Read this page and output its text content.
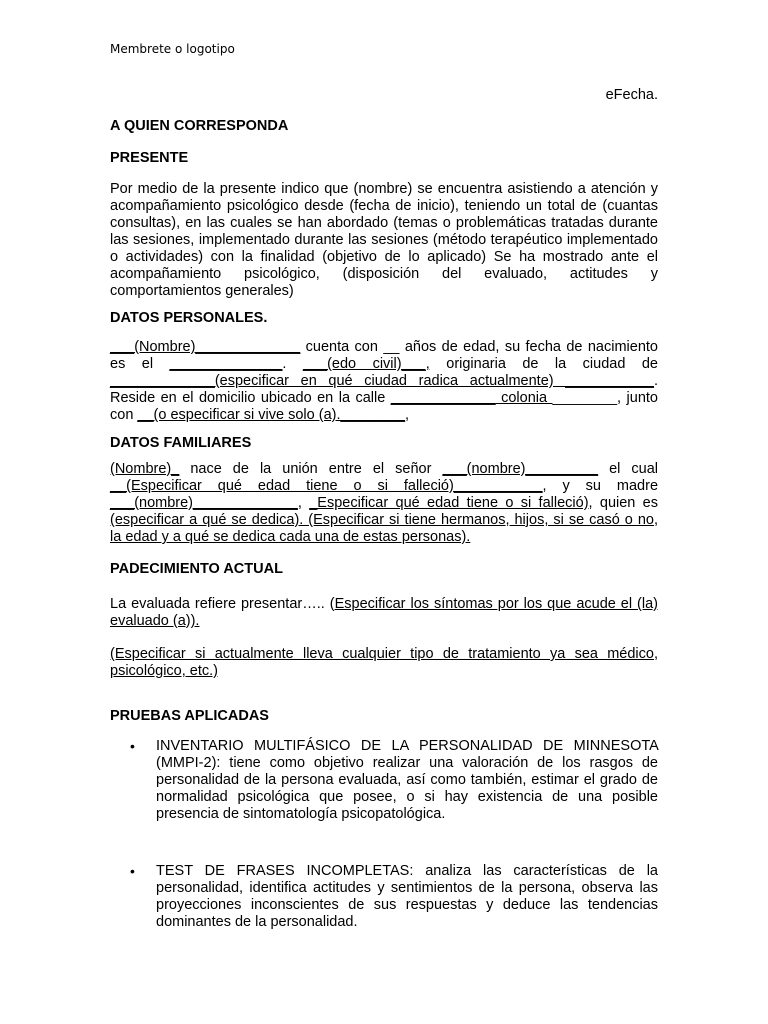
Membrete o logotipo
eFecha.
A QUIEN CORRESPONDA
PRESENTE
Por medio de la presente indico que (nombre) se encuentra asistiendo a atención y acompañamiento psicológico desde (fecha de inicio), teniendo un total de (cuantas consultas), en las cuales se han abordado (temas o problemáticas tratadas durante las sesiones, implementado durante las sesiones (método terapéutico implementado o actividades) con la finalidad (objetivo de lo aplicado) Se ha mostrado ante el acompañamiento psicológico, (disposición del evaluado, actitudes y comportamientos generales)
DATOS PERSONALES.
___(Nombre)_____________ cuenta con __ años de edad, su fecha de nacimiento es el ______________. ___(edo civil)___, originaria de la ciudad de _____________(especificar en qué ciudad radica actualmente) ___________. Reside en el domicilio ubicado en la calle _____________ colonia ________, junto con __(o especificar si vive solo (a).________,
DATOS FAMILIARES
(Nombre)_ nace de la unión entre el señor ___(nombre)_________ el cual __(Especificar qué edad tiene o si falleció)___________, y su madre ___(nombre)_____________, _Especificar qué edad tiene o si falleció), quien es (especificar a qué se dedica). (Especificar si tiene hermanos, hijos, si se casó o no, la edad y a qué se dedica cada una de estas personas).
PADECIMIENTO ACTUAL
La evaluada refiere presentar….. (Especificar los síntomas por los que acude el (la) evaluado (a)).
(Especificar si actualmente lleva cualquier tipo de tratamiento ya sea médico, psicológico, etc.)
PRUEBAS APLICADAS
• INVENTARIO MULTIFÁSICO DE LA PERSONALIDAD DE MINNESOTA (MMPI-2): tiene como objetivo realizar una valoración de los rasgos de personalidad de la persona evaluada, así como también, estimar el grado de normalidad psicológica que posee, o si hay existencia de una posible presencia de sintomatología psicopatológica.
• TEST DE FRASES INCOMPLETAS: analiza las características de la personalidad, identifica actitudes y sentimientos de la persona, observa las proyecciones inconscientes de sus respuestas y deduce las tendencias dominantes de la personalidad.
